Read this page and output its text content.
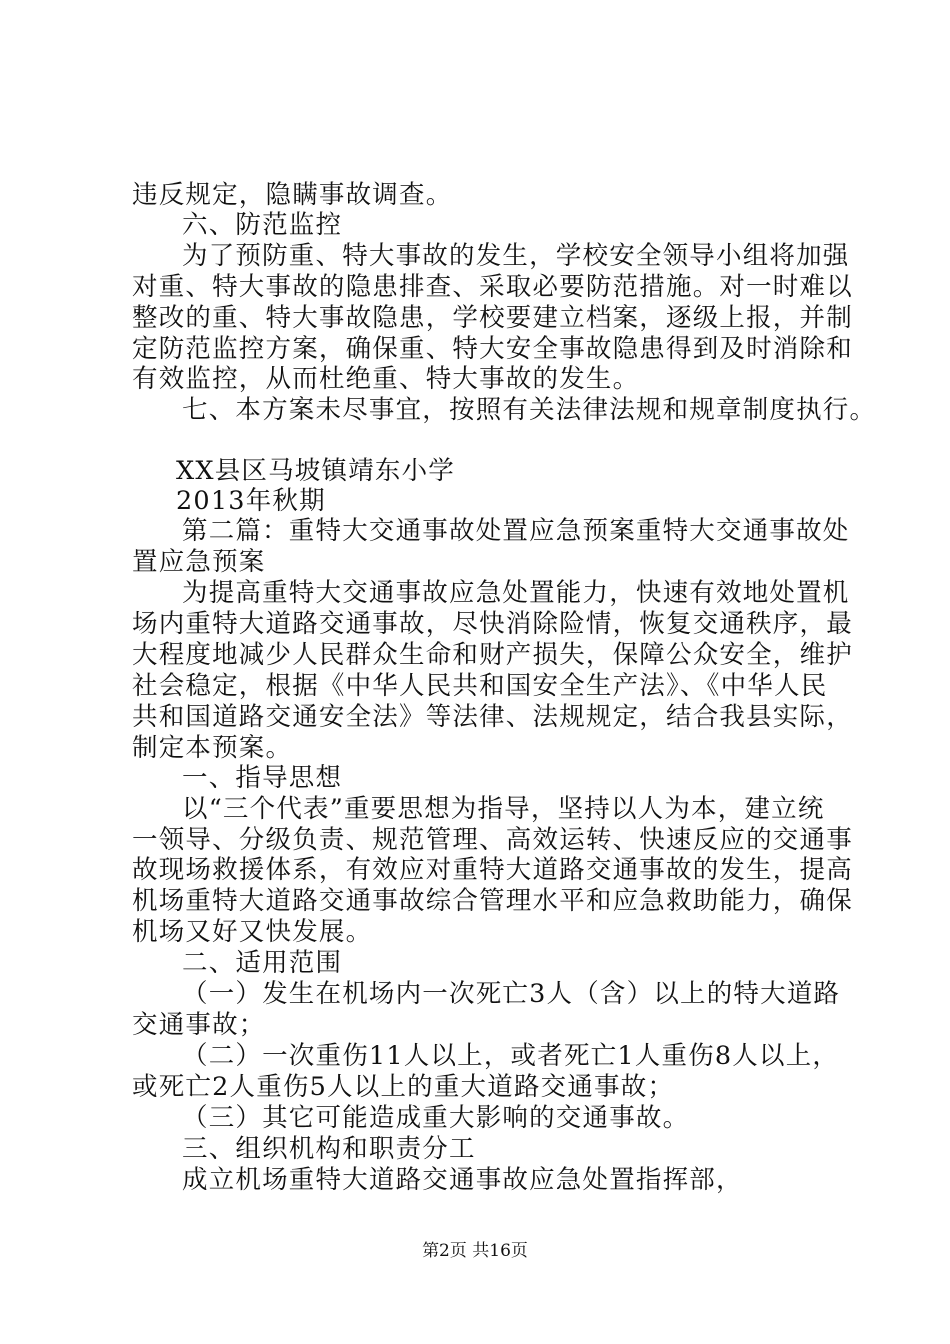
违反规定，隐瞒事故调查。
六、防范监控
为了预防重、特大事故的发生，学校安全领导小组将加强
对重、特大事故的隐患排查、采取必要防范措施。对一时难以
整改的重、特大事故隐患，学校要建立档案，逐级上报，并制
定防范监控方案，确保重、特大安全事故隐患得到及时消除和
有效监控，从而杜绝重、特大事故的发生。
七、本方案未尽事宜，按照有关法律法规和规章制度执行。
XX县区马坡镇靖东小学
2013年秋期
第二篇：重特大交通事故处置应急预案重特大交通事故处
置应急预案
为提高重特大交通事故应急处置能力，快速有效地处置机
场内重特大道路交通事故，尽快消除险情，恢复交通秩序，最
大程度地减少人民群众生命和财产损失，保障公众安全，维护
社会稳定，根据《中华人民共和国安全生产法》、《中华人民
共和国道路交通安全法》等法律、法规规定，结合我县实际，
制定本预案。
一、指导思想
以“三个代表”重要思想为指导，坚持以人为本，建立统
一领导、分级负责、规范管理、高效运转、快速反应的交通事
故现场救援体系，有效应对重特大道路交通事故的发生，提高
机场重特大道路交通事故综合管理水平和应急救助能力，确保
机场又好又快发展。
二、适用范围
（一）发生在机场内一次死亡3人（含）以上的特大道路
交通事故；
（二）一次重伤11人以上，或者死亡1人重伤8人以上，
或死亡2人重伤5人以上的重大道路交通事故；
（三）其它可能造成重大影响的交通事故。
三、组织机构和职责分工
成立机场重特大道路交通事故应急处置指挥部，
第2页 共16页
